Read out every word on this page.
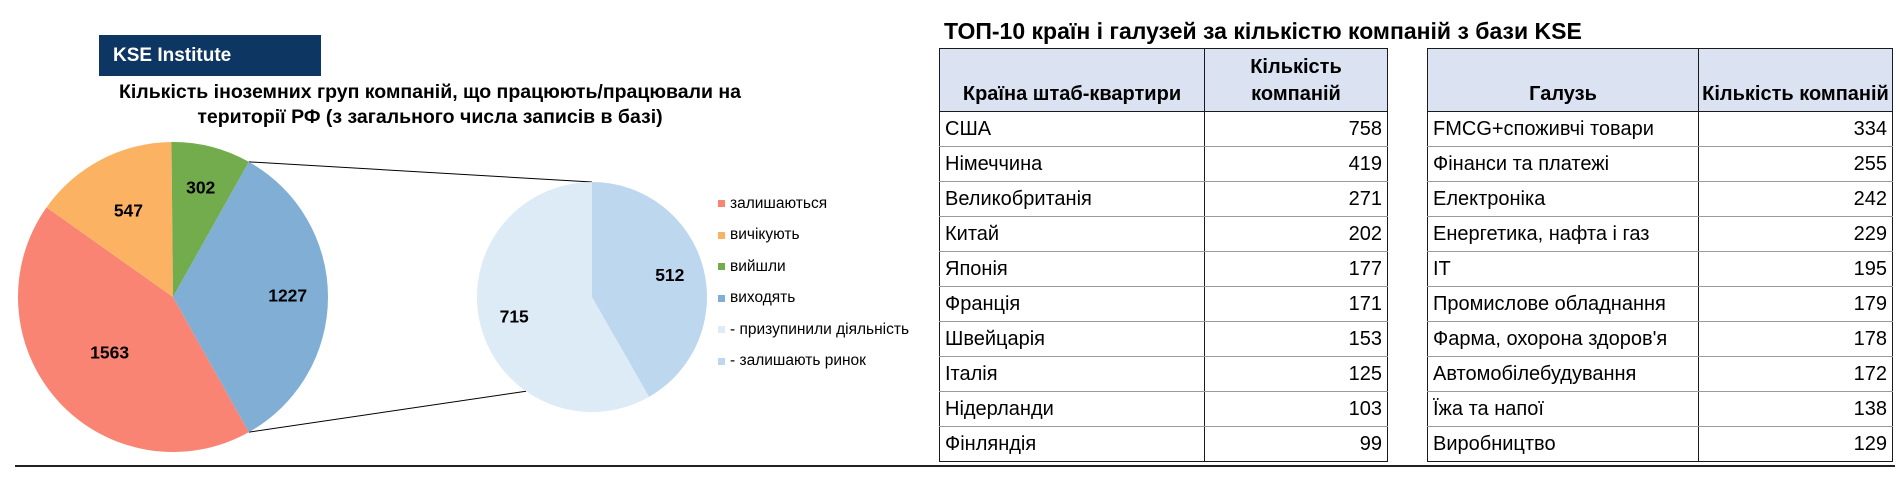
KSE Institute
Кількість іноземних груп компаній, що працюють/працювали на
території РФ (з загального числа записів в базі)
1563
547
302
1227
715
512
залишаються
вичікують
вийшли
виходять
- призупинили діяльність
- залишають ринок
ТОП-10 країн і галузей за кількістю компаній з бази KSE
Країна штаб-квартири	Кількість компаній
США	758
Німеччина	419
Великобританія	271
Китай	202
Японія	177
Франція	171
Швейцарія	153
Італія	125
Нідерланди	103
Фінляндія	99
Галузь	Кількість компаній
FMCG+споживчі товари	334
Фінанси та платежі	255
Електроніка	242
Енергетика, нафта і газ	229
IT	195
Промислове обладнання	179
Фарма, охорона здоров'я	178
Автомобілебудування	172
Їжа та напої	138
Виробництво	129
